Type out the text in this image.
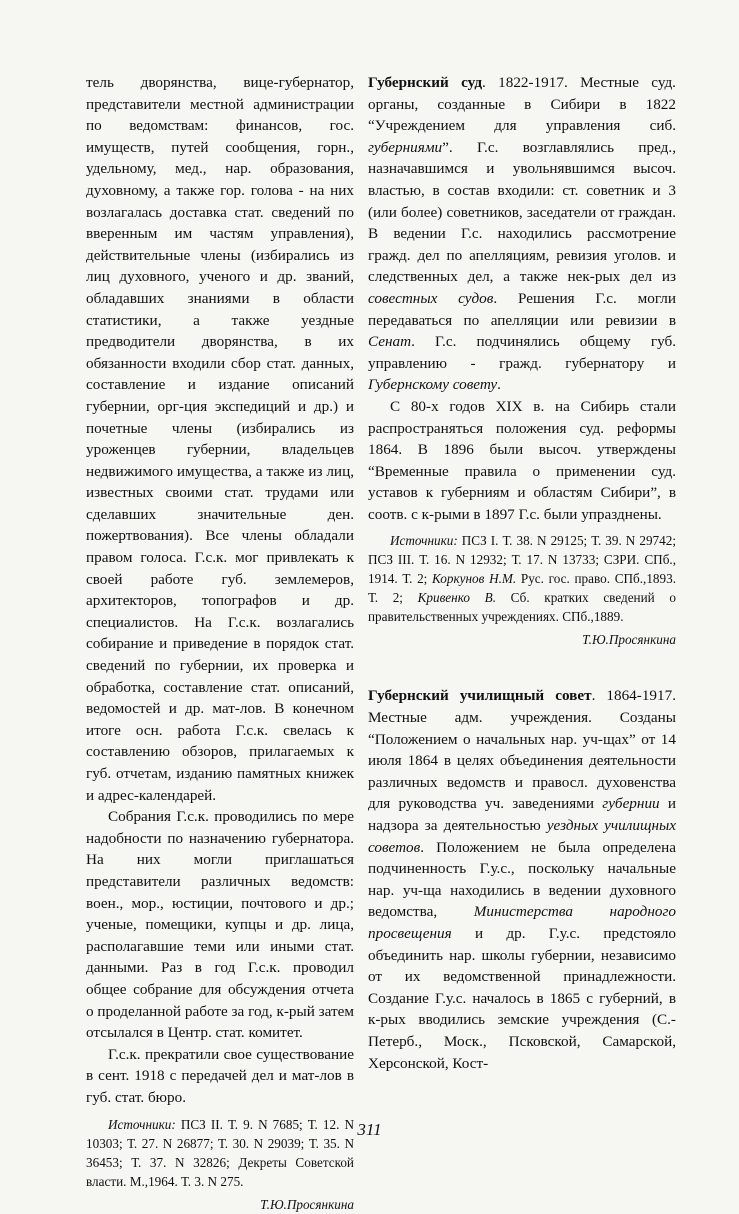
тель дворянства, вице-губернатор, представители местной администрации по ведомствам: финансов, гос. имуществ, путей сообщения, горн., удельному, мед., нар. образования, духовному, а также гор. голова - на них возлагалась доставка стат. сведений по вверенным им частям управления), действительные члены (избирались из лиц духовного, ученого и др. званий, обладавших знаниями в области статистики, а также уездные предводители дворянства, в их обязанности входили сбор стат. данных, составление и издание описаний губернии, орг-ция экспедиций и др.) и почетные члены (избирались из уроженцев губернии, владельцев недвижимого имущества, а также из лиц, известных своими стат. трудами или сделавших значительные ден. пожертвования). Все члены обладали правом голоса. Г.с.к. мог привлекать к своей работе губ. землемеров, архитекторов, топографов и др. специалистов. На Г.с.к. возлагались собирание и приведение в порядок стат. сведений по губернии, их проверка и обработка, составление стат. описаний, ведомостей и др. мат-лов. В конечном итоге осн. работа Г.с.к. свелась к составлению обзоров, прилагаемых к губ. отчетам, изданию памятных книжек и адрес-календарей.

Собрания Г.с.к. проводились по мере надобности по назначению губернатора. На них могли приглашаться представители различных ведомств: воен., мор., юстиции, почтового и др.; ученые, помещики, купцы и др. лица, располагавшие теми или иными стат. данными. Раз в год Г.с.к. проводил общее собрание для обсуждения отчета о проделанной работе за год, к-рый затем отсылался в Центр. стат. комитет.

Г.с.к. прекратили свое существование в сент. 1918 с передачей дел и мат-лов в губ. стат. бюро.

Источники: ПСЗ II. Т. 9. N 7685; Т. 12. N 10303; Т. 27. N 26877; Т. 30. N 29039; Т. 35. N 36453; Т. 37. N 32826; Декреты Советской власти. М.,1964. Т. 3. N 275.

Т.Ю.Просянкина

Губернский суд. 1822-1917. Местные суд. органы, созданные в Сибири в 1822 “Учреждением для управления сиб. губерниями”. Г.с. возглавлялись пред., назначавшимся и увольнявшимся высоч. властью, в состав входили: ст. советник и 3 (или более) советников, заседатели от граждан. В ведении Г.с. находились рассмотрение гражд. дел по апелляциям, ревизия уголов. и следственных дел, а также нек-рых дел из совестных судов. Решения Г.с. могли передаваться по апелляции или ревизии в Сенат. Г.с. подчинялись общему губ. управлению - гражд. губернатору и Губернскому совету.

С 80-х годов XIX в. на Сибирь стали распространяться положения суд. реформы 1864. В 1896 были высоч. утверждены “Временные правила о применении суд. уставов к губерниям и областям Сибири”, в соотв. с к-рыми в 1897 Г.с. были упразднены.

Источники: ПСЗ I. Т. 38. N 29125; Т. 39. N 29742; ПСЗ III. Т. 16. N 12932; Т. 17. N 13733; СЗРИ. СПб., 1914. Т. 2; Коркунов Н.М. Рус. гос. право. СПб.,1893. Т. 2; Кривенко В. Сб. кратких сведений о правительственных учреждениях. СПб.,1889.

Т.Ю.Просянкина

Губернский училищный совет. 1864-1917. Местные адм. учреждения. Созданы “Положением о начальных нар. уч-щах” от 14 июля 1864 в целях объединения деятельности различных ведомств и правосл. духовенства для руководства уч. заведениями губернии и надзора за деятельностью уездных училищных советов. Положением не была определена подчиненность Г.у.с., поскольку начальные нар. уч-ща находились в ведении духовного ведомства, Министерства народного просвещения и др. Г.у.с. предстояло объединить нар. школы губернии, независимо от их ведомственной принадлежности. Создание Г.у.с. началось в 1865 с губерний, в к-рых вводились земские учреждения (С.-Петерб., Моск., Псковской, Самарской, Херсонской, Кост-

311
